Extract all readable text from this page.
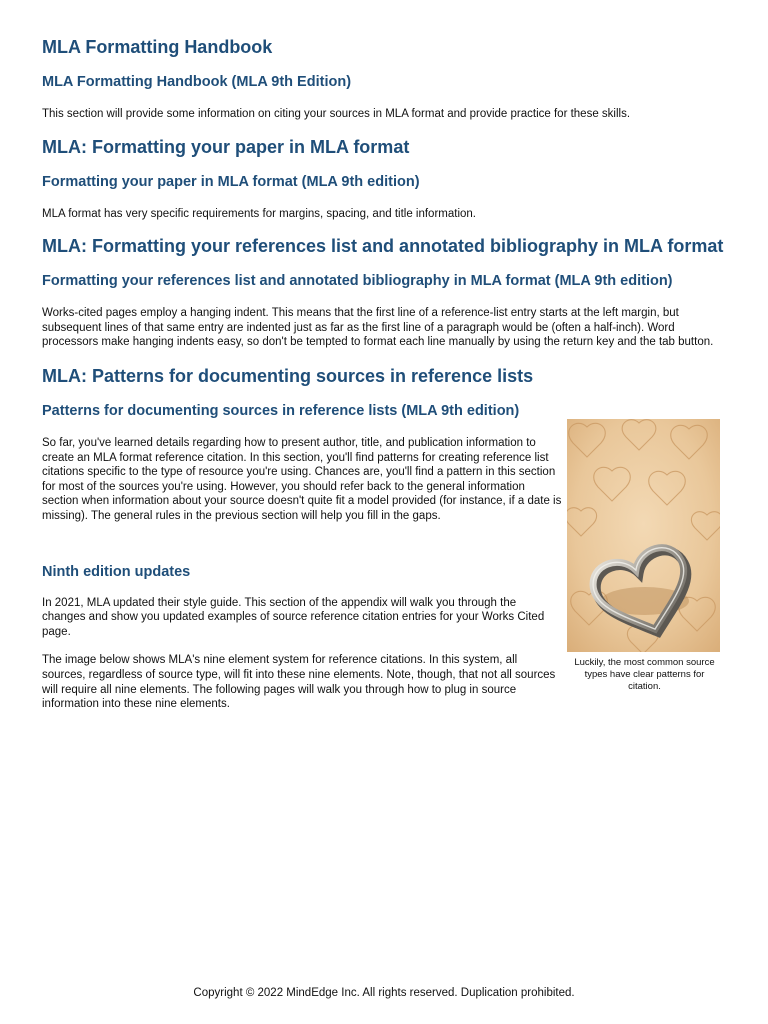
MLA Formatting Handbook
MLA Formatting Handbook (MLA 9th Edition)

This section will provide some information on citing your sources in MLA format and provide practice for these skills.

MLA: Formatting your paper in MLA format
Formatting your paper in MLA format (MLA 9th edition)

MLA format has very specific requirements for margins, spacing, and title information.

MLA: Formatting your references list and annotated bibliography in MLA format
Formatting your references list and annotated bibliography in MLA format (MLA 9th edition)

Works-cited pages employ a hanging indent. This means that the first line of a reference-list entry starts at the left margin, but subsequent lines of that same entry are indented just as far as the first line of a paragraph would be (often a half-inch). Word processors make hanging indents easy, so don't be tempted to format each line manually by using the return key and the tab button.

MLA: Patterns for documenting sources in reference lists
Patterns for documenting sources in reference lists (MLA 9th edition)

So far, you've learned details regarding how to present author, title, and publication information to create an MLA format reference citation. In this section, you'll find patterns for creating reference list citations specific to the type of resource you're using. Chances are, you'll find a pattern in this section for most of the sources you're using. However, you should refer back to the general information section when information about your source doesn't quite fit a model provided (for instance, if a date is missing). The general rules in the previous section will help you fill in the gaps.

Ninth edition updates

In 2021, MLA updated their style guide. This section of the appendix will walk you through the changes and show you updated examples of source reference citation entries for your Works Cited page.

The image below shows MLA's nine element system for reference citations. In this system, all sources, regardless of source type, will fit into these nine elements. Note, though, that not all sources will require all nine elements. The following pages will walk you through how to plug in source information into these nine elements.

Luckily, the most common source types have clear patterns for citation.
Copyright © 2022 MindEdge Inc. All rights reserved. Duplication prohibited.
